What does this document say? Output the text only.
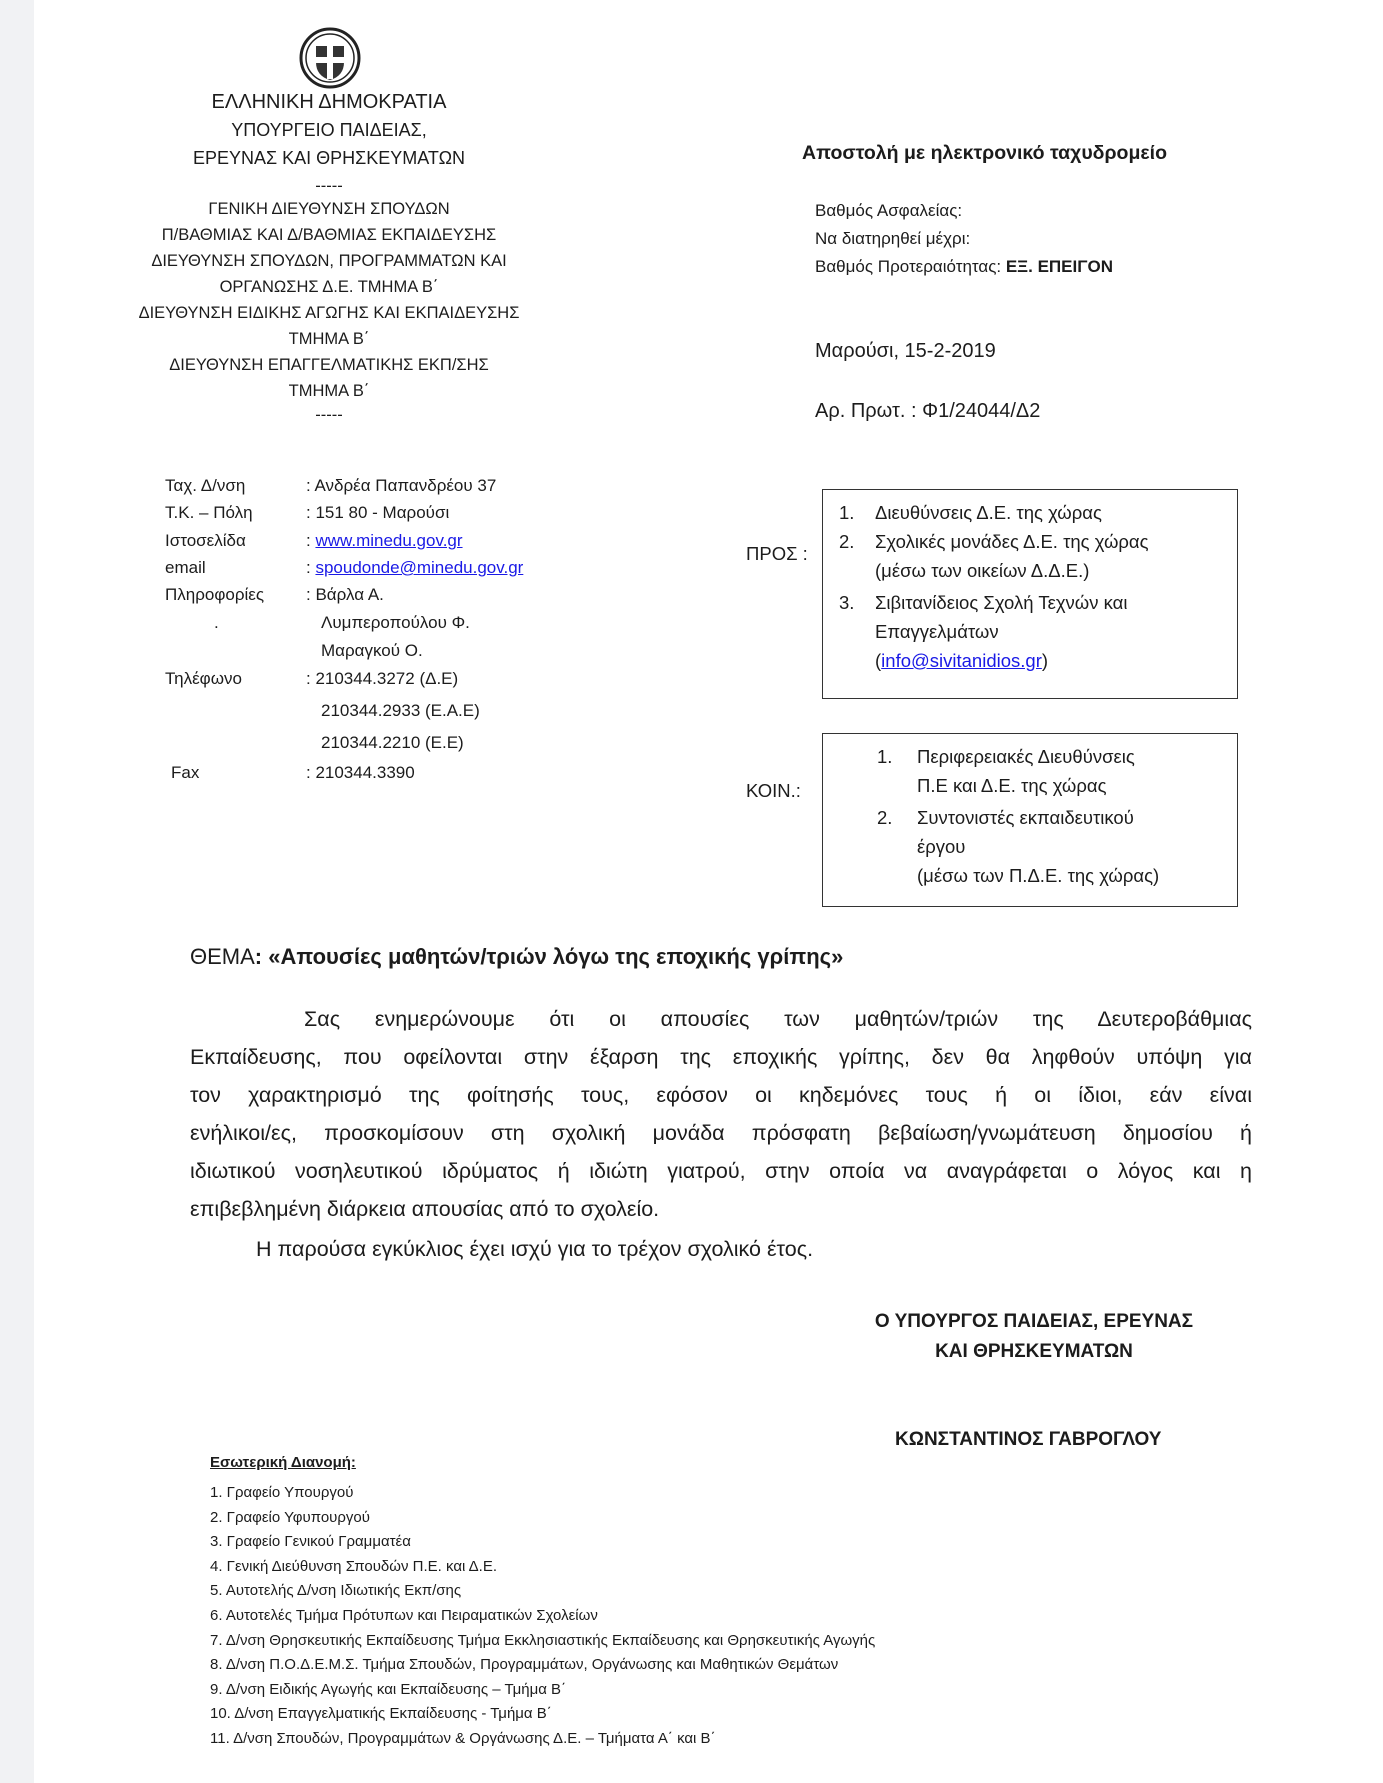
ΕΛΛΗΝΙΚΗ ΔΗΜΟΚΡΑΤΙΑ
ΥΠΟΥΡΓΕΙΟ ΠΑΙΔΕΙΑΣ,
ΕΡΕΥΝΑΣ ΚΑΙ ΘΡΗΣΚΕΥΜΑΤΩΝ
-----
ΓΕΝΙΚΗ ΔΙΕΥΘΥΝΣΗ ΣΠΟΥΔΩΝ
Π/ΒΑΘΜΙΑΣ ΚΑΙ Δ/ΒΑΘΜΙΑΣ ΕΚΠΑΙΔΕΥΣΗΣ
ΔΙΕΥΘΥΝΣΗ ΣΠΟΥΔΩΝ, ΠΡΟΓΡΑΜΜΑΤΩΝ ΚΑΙ
ΟΡΓΑΝΩΣΗΣ Δ.Ε. ΤΜΗΜΑ Β΄
ΔΙΕΥΘΥΝΣΗ ΕΙΔΙΚΗΣ ΑΓΩΓΗΣ ΚΑΙ ΕΚΠΑΙΔΕΥΣΗΣ
ΤΜΗΜΑ Β΄
ΔΙΕΥΘΥΝΣΗ ΕΠΑΓΓΕΛΜΑΤΙΚΗΣ ΕΚΠ/ΣΗΣ
ΤΜΗΜΑ Β΄
-----
Ταχ. Δ/νση	: Ανδρέα Παπανδρέου 37
Τ.Κ. – Πόλη	: 151 80 - Μαρούσι
Ιστοσελίδα	: www.minedu.gov.gr
email	: spoudonde@minedu.gov.gr
Πληροφορίες : Βάρλα Α.
.	Λυμπεροπούλου Φ.
Μαραγκού Ο.
Τηλέφωνο	: 210344.3272 (Δ.Ε)
210344.2933 (Ε.Α.Ε)
210344.2210 (Ε.Ε)
Fax	: 210344.3390
Αποστολή με ηλεκτρονικό ταχυδρομείο
Βαθμός Ασφαλείας:
Να διατηρηθεί μέχρι:
Βαθμός Προτεραιότητας: ΕΞ. ΕΠΕΙΓΟΝ
Μαρούσι, 15-2-2019
Αρ. Πρωτ. : Φ1/24044/Δ2
ΠΡΟΣ :
1. Διευθύνσεις Δ.Ε. της χώρας
2. Σχολικές μονάδες Δ.Ε. της χώρας
(μέσω των οικείων Δ.Δ.Ε.)
3. Σιβιτανίδειος Σχολή Τεχνών και
Επαγγελμάτων
(info@sivitanidios.gr)
ΚΟΙΝ.:
1. Περιφερειακές Διευθύνσεις
Π.Ε και Δ.Ε. της χώρας
2. Συντονιστές εκπαιδευτικού
έργου
(μέσω των Π.Δ.Ε. της χώρας)
ΘΕΜΑ: «Απουσίες μαθητών/τριών λόγω της εποχικής γρίπης»
Σας ενημερώνουμε ότι οι απουσίες των μαθητών/τριών της Δευτεροβάθμιας
Εκπαίδευσης, που οφείλονται στην έξαρση της εποχικής γρίπης, δεν θα ληφθούν υπόψη για
τον χαρακτηρισμό της φοίτησής τους, εφόσον οι κηδεμόνες τους ή οι ίδιοι, εάν είναι
ενήλικοι/ες, προσκομίσουν στη σχολική μονάδα πρόσφατη βεβαίωση/γνωμάτευση δημοσίου ή
ιδιωτικού νοσηλευτικού ιδρύματος ή ιδιώτη γιατρού, στην οποία να αναγράφεται ο λόγος και η
επιβεβλημένη διάρκεια απουσίας από το σχολείο.
Η παρούσα εγκύκλιος έχει ισχύ για το τρέχον σχολικό έτος.
Ο ΥΠΟΥΡΓΟΣ ΠΑΙΔΕΙΑΣ, ΕΡΕΥΝΑΣ
ΚΑΙ ΘΡΗΣΚΕΥΜΑΤΩΝ
ΚΩΝΣΤΑΝΤΙΝΟΣ ΓΑΒΡΟΓΛΟΥ
Εσωτερική Διανομή:
1. Γραφείο Υπουργού
2. Γραφείο Υφυπουργού
3. Γραφείο Γενικού Γραμματέα
4. Γενική Διεύθυνση Σπουδών Π.Ε. και Δ.Ε.
5. Αυτοτελής Δ/νση Ιδιωτικής Εκπ/σης
6. Αυτοτελές Τμήμα Πρότυπων και Πειραματικών Σχολείων
7. Δ/νση Θρησκευτικής Εκπαίδευσης Τμήμα Εκκλησιαστικής Εκπαίδευσης και Θρησκευτικής Αγωγής
8. Δ/νση Π.Ο.Δ.Ε.Μ.Σ. Τμήμα Σπουδών, Προγραμμάτων, Οργάνωσης και Μαθητικών Θεμάτων
9. Δ/νση Ειδικής Αγωγής και Εκπαίδευσης – Τμήμα Β΄
10. Δ/νση Επαγγελματικής Εκπαίδευσης - Τμήμα Β΄
11. Δ/νση Σπουδών, Προγραμμάτων & Οργάνωσης Δ.Ε. – Τμήματα Α΄ και Β΄
